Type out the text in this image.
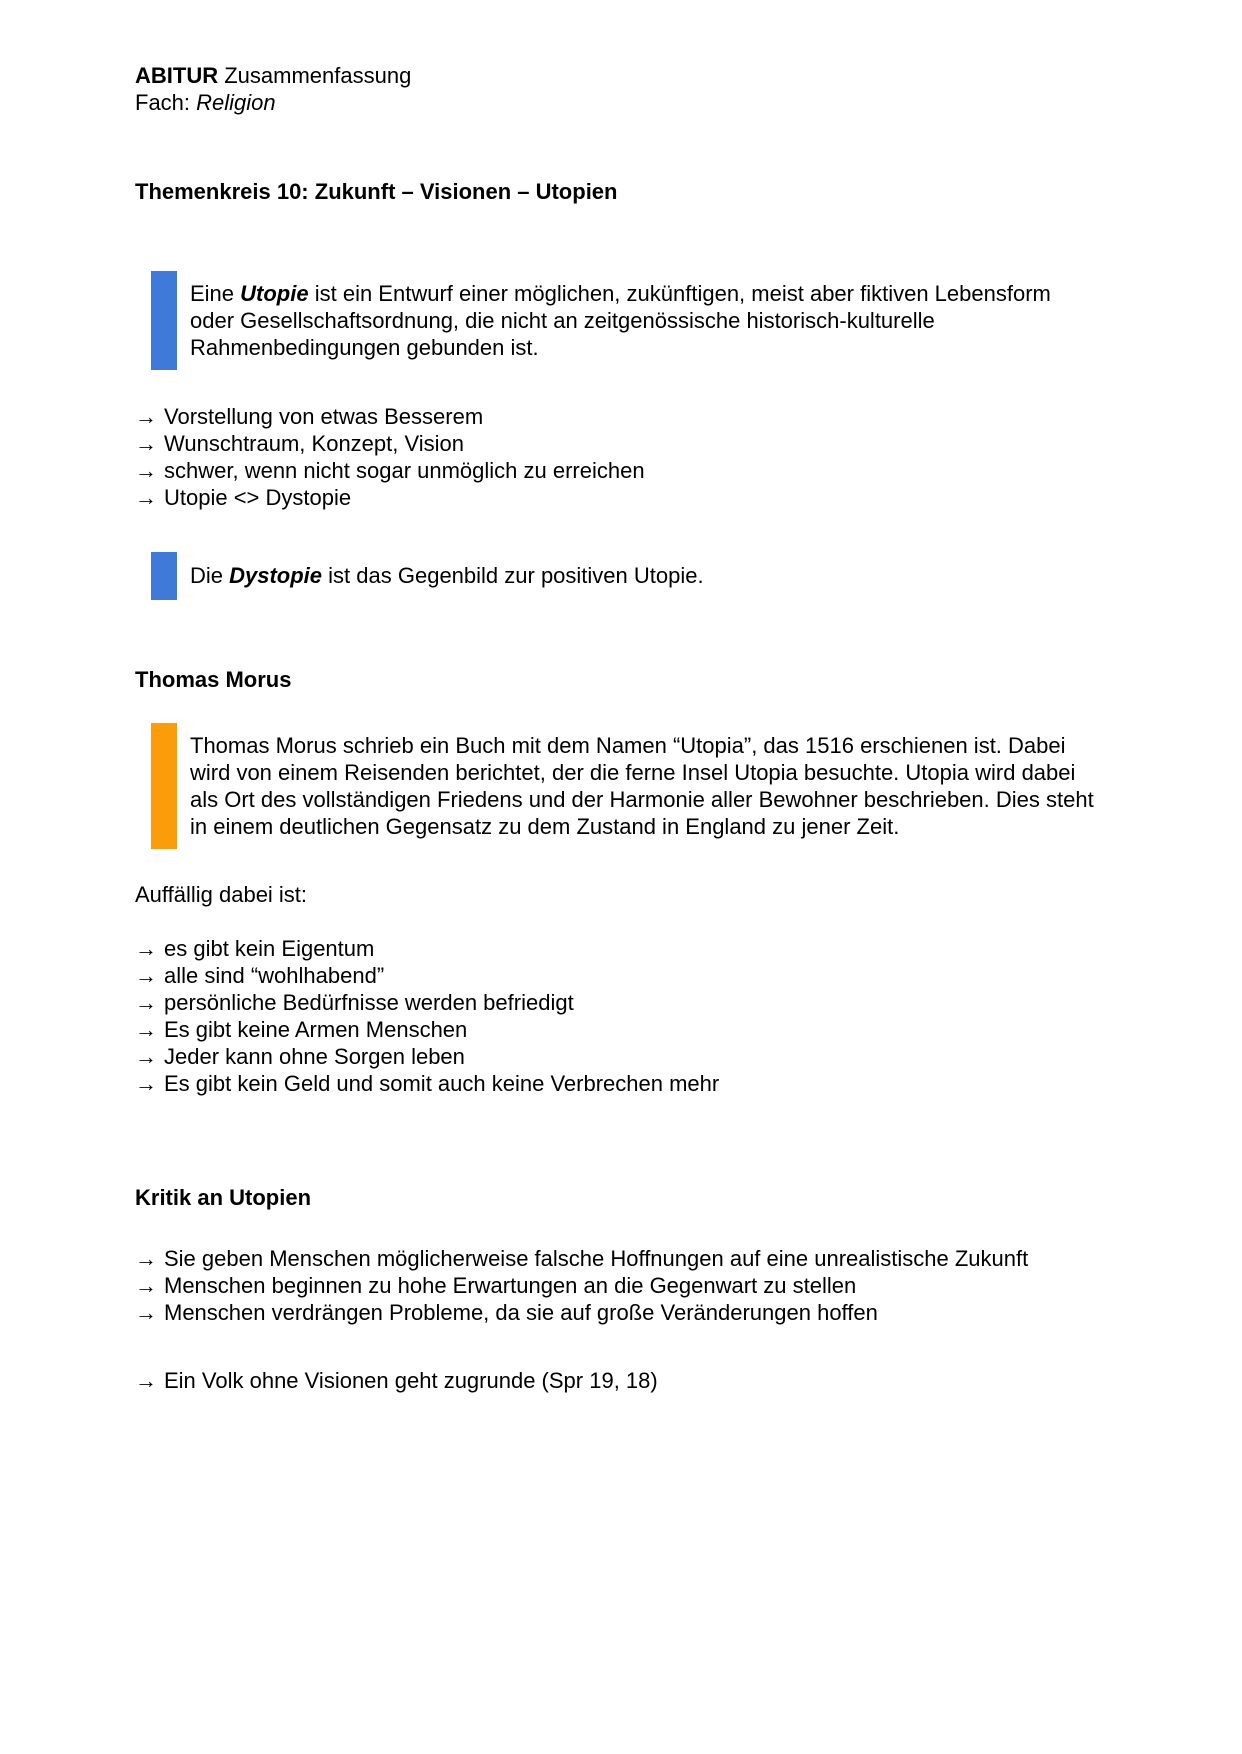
ABITUR Zusammenfassung

Fach: Religion

Themenkreis 10: Zukunft – Visionen – Utopien

Eine Utopie ist ein Entwurf einer möglichen, zukünftigen, meist aber fiktiven Lebensform oder Gesellschaftsordnung, die nicht an zeitgenössische historisch-kulturelle Rahmenbedingungen gebunden ist.
→ Vorstellung von etwas Besserem
→ Wunschtraum, Konzept, Vision
→ schwer, wenn nicht sogar unmöglich zu erreichen
→ Utopie <> Dystopie
Die Dystopie ist das Gegenbild zur positiven Utopie.

Thomas Morus

Thomas Morus schrieb ein Buch mit dem Namen “Utopia”, das 1516 erschienen ist. Dabei wird von einem Reisenden berichtet, der die ferne Insel Utopia besuchte. Utopia wird dabei als Ort des vollständigen Friedens und der Harmonie aller Bewohner beschrieben. Dies steht in einem deutlichen Gegensatz zu dem Zustand in England zu jener Zeit.

Auffällig dabei ist:

→ es gibt kein Eigentum
→ alle sind “wohlhabend”
→ persönliche Bedürfnisse werden befriedigt
→ Es gibt keine Armen Menschen
→ Jeder kann ohne Sorgen leben
→ Es gibt kein Geld und somit auch keine Verbrechen mehr

Kritik an Utopien

→ Sie geben Menschen möglicherweise falsche Hoffnungen auf eine unrealistische Zukunft
→ Menschen beginnen zu hohe Erwartungen an die Gegenwart zu stellen
→ Menschen verdrängen Probleme, da sie auf große Veränderungen hoffen
→ Ein Volk ohne Visionen geht zugrunde (Spr 19, 18)
